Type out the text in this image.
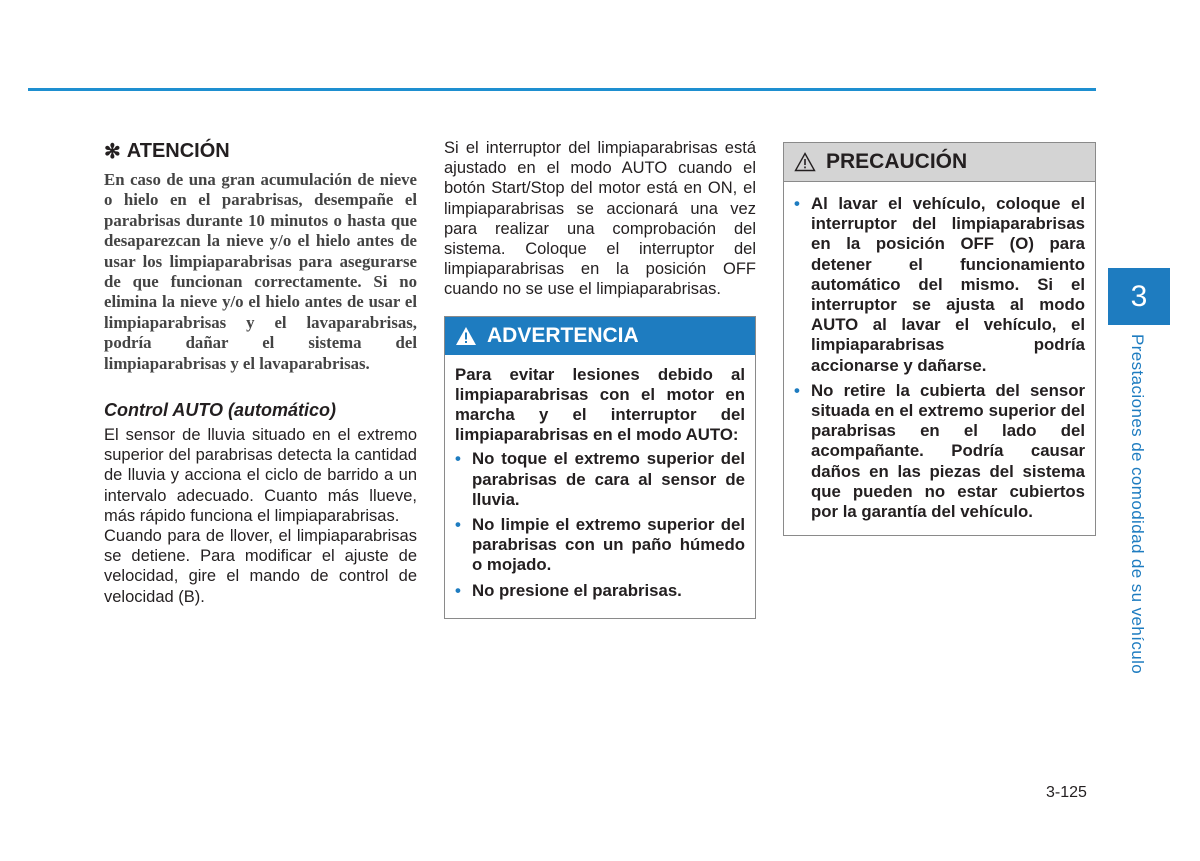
✻ ATENCIÓN

En caso de una gran acumulación de nieve o hielo en el parabrisas, desempañe el parabrisas durante 10 minutos o hasta que desaparezcan la nieve y/o el hielo antes de usar los limpiaparabrisas para asegurarse de que funcionan correctamente. Si no elimina la nieve y/o el hielo antes de usar el limpiaparabrisas y el lavaparabrisas, podría dañar el sistema del limpiaparabrisas y el lavaparabrisas.

Control AUTO (automático)

El sensor de lluvia situado en el extremo superior del parabrisas detecta la cantidad de lluvia y acciona el ciclo de barrido a un intervalo adecuado. Cuanto más llueve, más rápido funciona el limpiaparabrisas.

Cuando para de llover, el limpiaparabrisas se detiene. Para modificar el ajuste de velocidad, gire el mando de control de velocidad (B).

Si el interruptor del limpiaparabrisas está ajustado en el modo AUTO cuando el botón Start/Stop del motor está en ON, el limpiaparabrisas se accionará una vez para realizar una comprobación del sistema. Coloque el interruptor del limpiaparabrisas en la posición OFF cuando no se use el limpiaparabrisas.

ADVERTENCIA

Para evitar lesiones debido al limpiaparabrisas con el motor en marcha y el interruptor del limpiaparabrisas en el modo AUTO:

• No toque el extremo superior del parabrisas de cara al sensor de lluvia.
• No limpie el extremo superior del parabrisas con un paño húmedo o mojado.
• No presione el parabrisas.
PRECAUCIÓN
• Al lavar el vehículo, coloque el interruptor del limpiaparabrisas en la posición OFF (O) para detener el funcionamiento automático del mismo. Si el interruptor se ajusta al modo AUTO al lavar el vehículo, el limpiaparabrisas podría accionarse y dañarse.
• No retire la cubierta del sensor situada en el extremo superior del parabrisas en el lado del acompañante. Podría causar daños en las piezas del sistema que pueden no estar cubiertos por la garantía del vehículo.
3
Prestaciones de comodidad de su vehículo
3-125
